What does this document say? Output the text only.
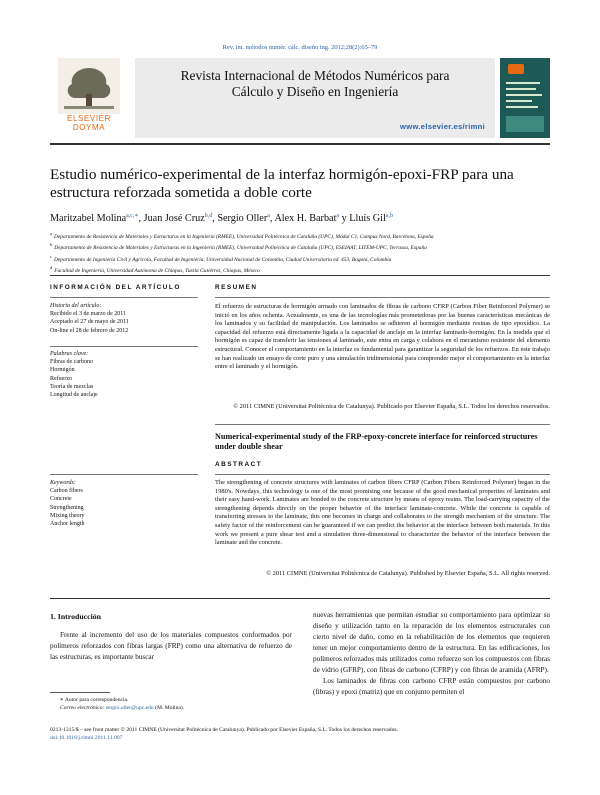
Rev. int. métodos numér. cálc. diseño ing. 2012;28(2):65–79
ELSEVIER DOYMA
Revista Internacional de Métodos Numéricos para
Cálculo y Diseño en Ingeniería
www.elsevier.es/rimni
Estudio numérico-experimental de la interfaz hormigón-epoxi-FRP para una
estructura reforzada sometida a doble corte
Maritzabel Molina$^{a,c,∗}$, Juan José Cruz$^{b,d}$, Sergio Oller$^a$, Alex H. Barbat$^a$ y Lluís Gil$^{a,b}$
$^a$Departamento de Resistencia de Materiales y Estructuras en la Ingeniería (RMEE), Universidad Politécnica de Cataluña (UPC), Módul C1, Campus Nord, Barcelona, España
$^b$Departamento de Resistencia de Materiales y Estructuras en la Ingeniería (RMEE), Universidad Politécnica de Cataluña (UPC), ESEIAAT, LITEM-UPC, Terrassa, España
$^c$Departamento de Ingeniería Civil y Agrícola, Facultad de Ingeniería, Universidad Nacional de Colombia, Ciudad Universitaria ed. 453, Bogotá, Colombia
$^d$Facultad de Ingeniería, Universidad Autónoma de Chiapas, Tuxtla Gutiérrez, Chiapas, México
INFORMACIÓN DEL ARTÍCULO
Historia del artículo:
Recibido el 3 de marzo de 2011
Aceptado el 27 de mayo de 2011
On-line el 28 de febrero de 2012
Palabras clave:
Fibras de carbono
Hormigón
Refuerzo
Teoría de mezclas
Longitud de anclaje
Keywords:
Carbon fibers
Concrete
Strengthening
Mixing theory
Anchor length
RESUMEN
El refuerzo de estructuras de hormigón armado con laminados de fibras de carbono CFRP (Carbon Fiber Reinforced Polymer) se inició en los años ochenta. Actualmente, es una de las tecnologías más prometedoras por las buenas características mecánicas de los laminados y su facilidad de manipulación. Los laminados se adhieren al hormigón mediante resinas de tipo epoxídico. La capacidad del refuerzo está directamente ligada a la capacidad de anclaje en la interfaz laminado-hormigón. En la medida que el hormigón es capaz de transferir las tensiones al laminado, este entra en carga y colabora en el mecanismo resistente del elemento estructural. Conocer el comportamiento en la interfaz es fundamental para garantizar la seguridad de los refuerzos. En este trabajo se han realizado un ensayo de corte puro y una simulación tridimensional para comprender mejor el comportamiento en la interfaz entre el laminado y el hormigón.
© 2011 CIMNE (Universitat Politècnica de Catalunya). Publicado por Elsevier España, S.L. Todos los derechos reservados.
Numerical-experimental study of the FRP-epoxy-concrete interface for reinforced structures under double shear
ABSTRACT
The strengthening of concrete structures with laminates of carbon fibers CFRP (Carbon Fibers Reinforced Polymer) began in the 1980's. Nowdays, this technology is one of the most promising one because of the good mechanical properties of laminates and their easy hand-work. Laminates are bonded to the concrete structure by means of epoxy resins. The load-carrying capacity of the strengthening depends directly on the proper behavior of the interface laminate-concrete. While the concrete is capable of transferring stresses to the laminate, this one becomes in charge and collaborates to the strength mechanism of the structure. The safety factor of the reinforcement can be guaranteed if we can predict the behavior at the interface between both materials. In this work we present a pure shear test and a simulation three-dimensional to characterize the behavior of the interface between the laminate and the concrete.
© 2011 CIMNE (Universitat Politècnica de Catalunya). Published by Elsevier España, S.L. All rights reserved.
1. Introducción
Frente al incremento del uso de los materiales compuestos conformados por polímeros reforzados con fibras largas (FRP) como una alternativa de refuerzo de las estructuras, es importante buscar

nuevas herramientas que permitan estudiar su comportamiento para optimizar su diseño y utilización tanto en la reparación de los elementos estructurales con cierto nivel de daño, como en la rehabilitación de los elementos que requieren tener un mejor comportamiento dentro de la estructura. En las edificaciones, los polímeros reforzados más utilizados como refuerzo son los compuestos con fibras de vidrio (GFRP), con fibras de carbono (CFRP) y con fibras de aramida (AFRP).

Los laminados de fibras con carbono CFRP están compuestos por carbono (fibras) y epoxi (matriz) que en conjunto permiten el

∗ Autor para correspondencia.
Correo electrónico: sergio.oller@upc.edu (M. Molina).
0213-1315/$ – see front matter © 2011 CIMNE (Universitat Politècnica de Catalunya). Publicado por Elsevier España, S.L. Todos los derechos reservados.
doi:10.1016/j.rimni.2011.11.007
